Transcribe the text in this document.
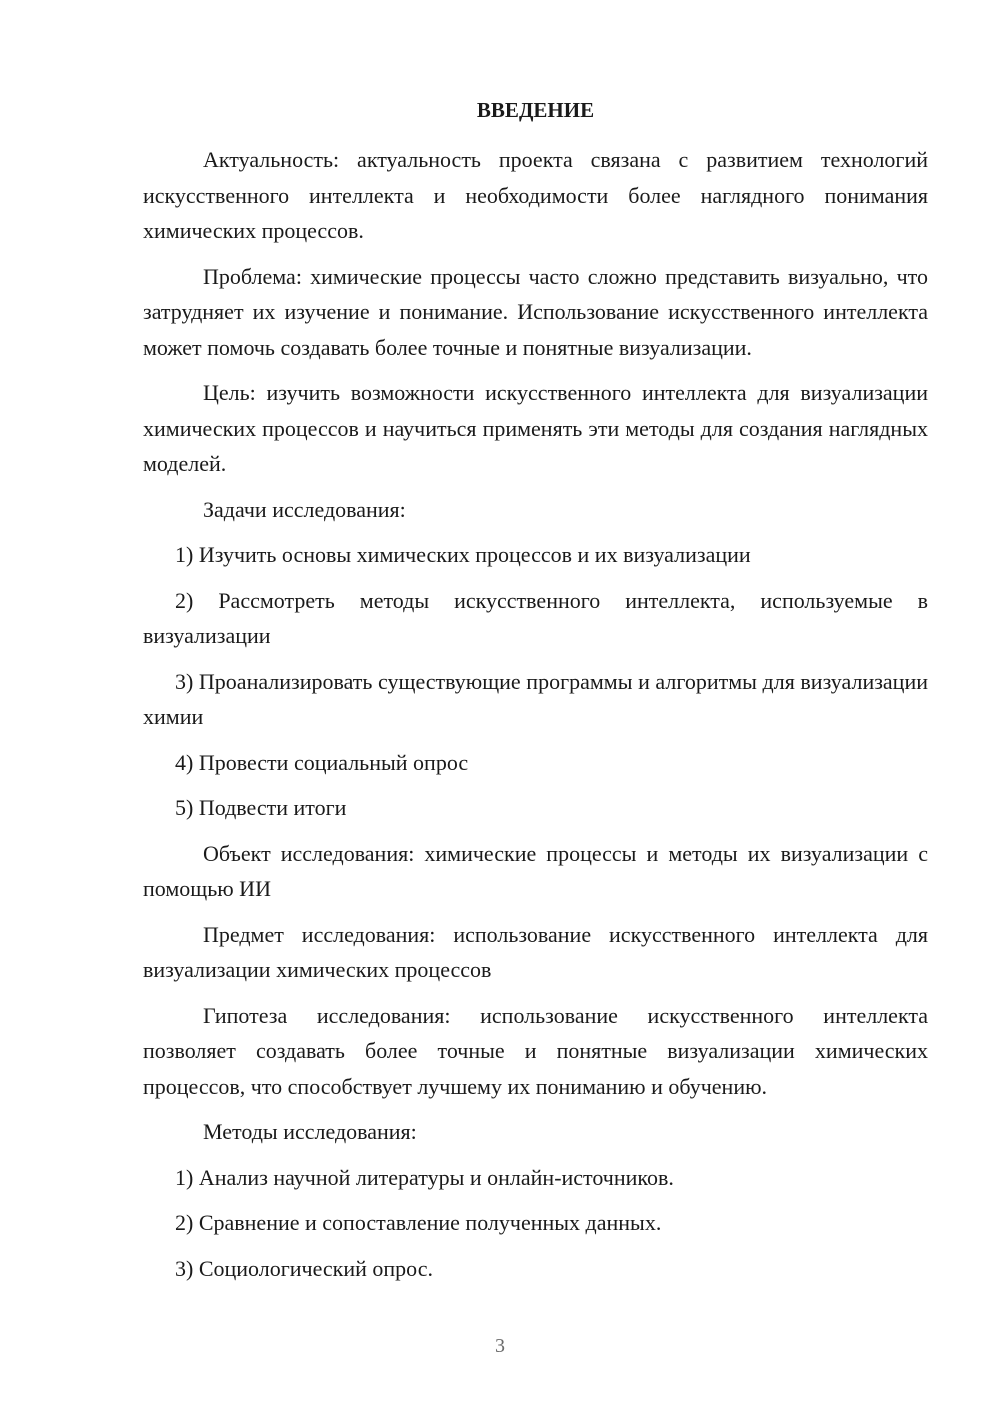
ВВЕДЕНИЕ

Актуальность: актуальность проекта связана с развитием технологий искусственного интеллекта и необходимости более наглядного понимания химических процессов.

Проблема: химические процессы часто сложно представить визуально, что затрудняет их изучение и понимание. Использование искусственного интеллекта может помочь создавать более точные и понятные визуализации.

Цель: изучить возможности искусственного интеллекта для визуализации химических процессов и научиться применять эти методы для создания наглядных моделей.

Задачи исследования:

1) Изучить основы химических процессов и их визуализации

2) Рассмотреть методы искусственного интеллекта, используемые в визуализации

3) Проанализировать существующие программы и алгоритмы для визуализации химии

4) Провести социальный опрос

5) Подвести итоги

Объект исследования: химические процессы и методы их визуализации с помощью ИИ

Предмет исследования: использование искусственного интеллекта для визуализации химических процессов

Гипотеза исследования: использование искусственного интеллекта позволяет создавать более точные и понятные визуализации химических процессов, что способствует лучшему их пониманию и обучению.

Методы исследования:

1) Анализ научной литературы и онлайн-источников.

2) Сравнение и сопоставление полученных данных.

3) Социологический опрос.

3
